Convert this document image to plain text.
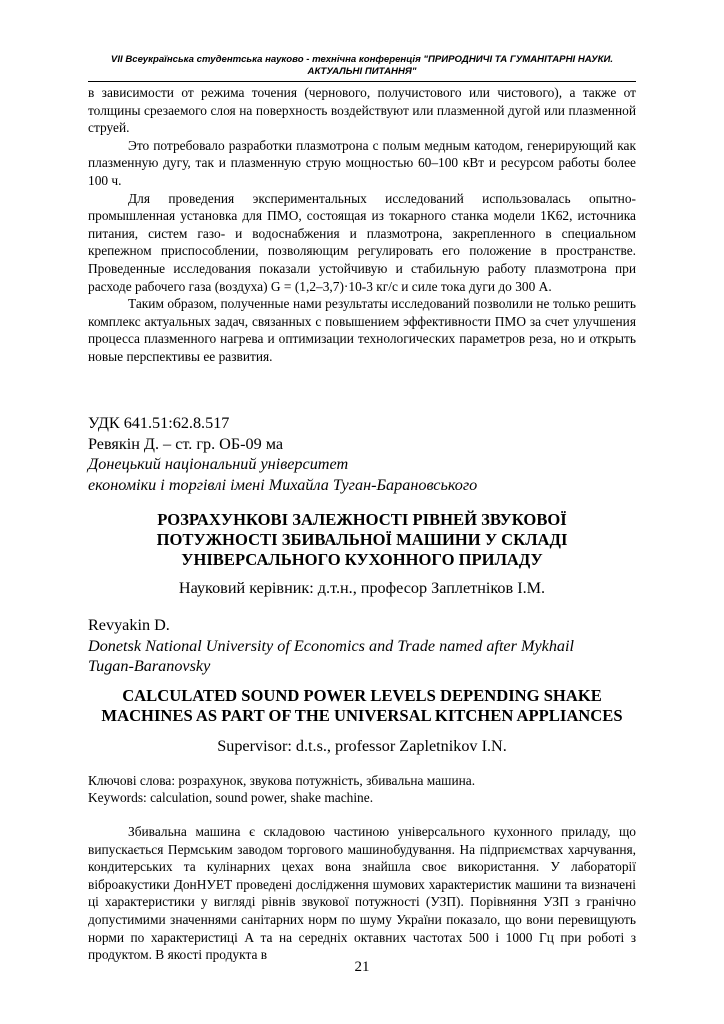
VII Всеукраїнська студентська науково - технічна конференція "ПРИРОДНИЧІ ТА ГУМАНІТАРНІ НАУКИ.
АКТУАЛЬНІ ПИТАННЯ"

в зависимости от режима точения (чернового, получистового или чистового), а также от толщины срезаемого слоя на поверхность воздействуют или плазменной дугой или плазменной струей.

Это потребовало разработки плазмотрона с полым медным катодом, генерирующий как плазменную дугу, так и плазменную струю мощностью 60–100 кВт и ресурсом работы более 100 ч.

Для проведения экспериментальных исследований использовалась опытно-промышленная установка для ПМО, состоящая из токарного станка модели 1К62, источника питания, систем газо- и водоснабжения и плазмотрона, закрепленного в специальном крепежном приспособлении, позволяющим регулировать его положение в пространстве. Проведенные исследования показали устойчивую и стабильную работу плазмотрона при расходе рабочего газа (воздуха) G = (1,2–3,7)·10-3 кг/с и силе тока дуги до 300 А.

Таким образом, полученные нами результаты исследований позволили не только решить комплекс актуальных задач, связанных с повышением эффективности ПМО за счет улучшения процесса плазменного нагрева и оптимизации технологических параметров реза, но и открыть новые перспективы ее развития.

УДК 641.51:62.8.517
Ревякін Д. – ст. гр. ОБ-09 ма
Донецький національний університет
економіки і торгівлі імені Михайла Туган-Барановського
РОЗРАХУНКОВІ ЗАЛЕЖНОСТІ РІВНЕЙ ЗВУКОВОЇ
ПОТУЖНОСТІ ЗБИВАЛЬНОЇ МАШИНИ У СКЛАДІ
УНІВЕРСАЛЬНОГО КУХОННОГО ПРИЛАДУ
Науковий керівник: д.т.н., професор Заплетніков І.М.
Revyakin D.
Donetsk National University of Economics and Trade named after Mykhail
Tugan-Baranovsky
CALCULATED SOUND POWER LEVELS DEPENDING SHAKE
MACHINES AS PART OF THE UNIVERSAL KITCHEN APPLIANCES
Supervisor: d.t.s., professor Zapletnikov I.N.
Ключові слова: розрахунок, звукова потужність, збивальна машина.
Keywords: calculation, sound power, shake machine.

Збивальна машина є складовою частиною універсального кухонного приладу, що випускається Пермським заводом торгового машинобудування. На підприємствах харчування, кондитерських та кулінарних цехах вона знайшла своє використання. У лабораторії віброакустики ДонНУЕТ проведені дослідження шумових характеристик машини та визначені ці характеристики у вигляді рівнів звукової потужності (УЗП). Порівняння УЗП з гранічно допустимими значеннями санітарних норм по шуму України показало, що вони перевищують норми по характеристиці А та на середніх октавних частотах 500 і 1000 Гц при роботі з продуктом. В якості продукта в

21
